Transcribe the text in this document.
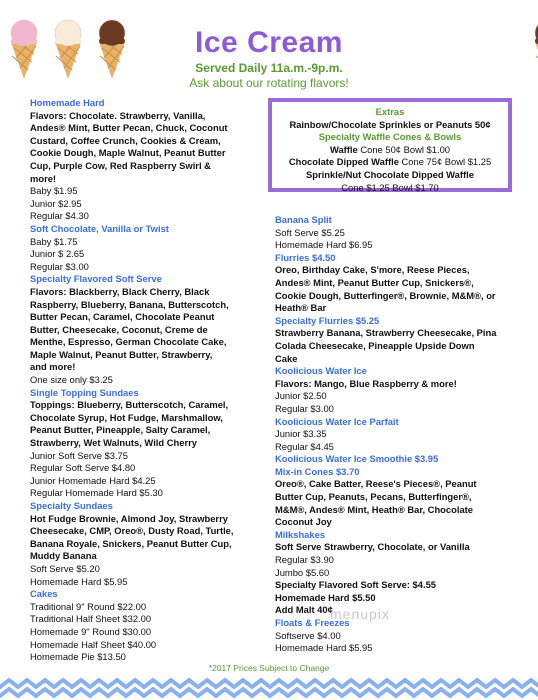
Ice Cream
Served Daily 11a.m.-9p.m.
Ask about our rotating flavors!
Homemade Hard
Flavors: Chocolate. Strawberry, Vanilla,
Andes® Mint, Butter Pecan, Chuck, Coconut
Custard, Coffee Crunch, Cookies & Cream,
Cookie Dough, Maple Walnut, Peanut Butter
Cup, Purple Cow, Red Raspberry Swirl &
more!
Baby $1.95
Junior $2.95
Regular $4.30
Soft Chocolate, Vanilla or Twist
Baby $1.75
Junior $ 2.65
Regular $3.00
Specialty Flavored Soft Serve
Flavors: Blackberry, Black Cherry, Black
Raspberry, Blueberry, Banana, Butterscotch,
Butter Pecan, Caramel, Chocolate Peanut
Butter, Cheesecake, Coconut, Creme de
Menthe, Espresso, German Chocolate Cake,
Maple Walnut, Peanut Butter, Strawberry,
and more!
One size only $3.25
Single Topping Sundaes
Toppings: Blueberry, Butterscotch, Caramel,
Chocolate Syrup, Hot Fudge, Marshmallow,
Peanut Butter, Pineapple, Salty Caramel,
Strawberry, Wet Walnuts, Wild Cherry
Junior Soft Serve $3.75
Regular Soft Serve $4.80
Junior Homemade Hard $4.25
Regular Homemade Hard $5.30
Specialty Sundaes
Hot Fudge Brownie, Almond Joy, Strawberry
Cheesecake, CMP, Oreo®, Dusty Road, Turtle,
Banana Royale, Snickers, Peanut Butter Cup,
Muddy Banana
Soft Serve $5.20
Homemade Hard $5.95
Cakes
Traditional 9" Round $22.00
Traditional Half Sheet $32.00
Homemade 9" Round $30.00
Homemade Half Sheet $40.00
Homemade Pie $13.50
Extras
Rainbow/Chocolate Sprinkles or Peanuts 50¢
Specialty Waffle Cones & Bowls
Waffle Cone 50¢ Bowl $1.00
Chocolate Dipped Waffle Cone 75¢ Bowl $1.25
Sprinkle/Nut Chocolate Dipped Waffle
Cone $1.25 Bowl $1.70
Banana Split
Soft Serve $5.25
Homemade Hard $6.95
Flurries $4.50
Oreo, Birthday Cake, S'more, Reese Pieces,
Andes® Mint, Peanut Butter Cup, Snickers®,
Cookie Dough, Butterfinger®, Brownie, M&M®, or
Heath® Bar
Specialty Flurries $5.25
Strawberry Banana, Strawberry Cheesecake, Pina
Colada Cheesecake, Pineapple Upside Down
Cake
Koolicious Water Ice
Flavors: Mango, Blue Raspberry & more!
Junior $2.50
Regular $3.00
Koolicious Water Ice Parfait
Junior $3.35
Regular $4.45
Koolicious Water Ice Smoothie $3.95
Mix-in Cones $3.70
Oreo®, Cake Batter, Reese's Pieces®, Peanut
Butter Cup, Peanuts, Pecans, Butterfinger®,
M&M®, Andes® Mint, Heath® Bar, Chocolate
Coconut Joy
Milkshakes
Soft Serve Strawberry, Chocolate, or Vanilla
Regular $3.90
Jumbo $5.60
Specialty Flavored Soft Serve: $4.55
Homemade Hard $5.50
Add Malt 40¢
Floats & Freezes
Softserve $4.00
Homemade Hard $5.95
menupix
*2017 Prices Subject to Change
